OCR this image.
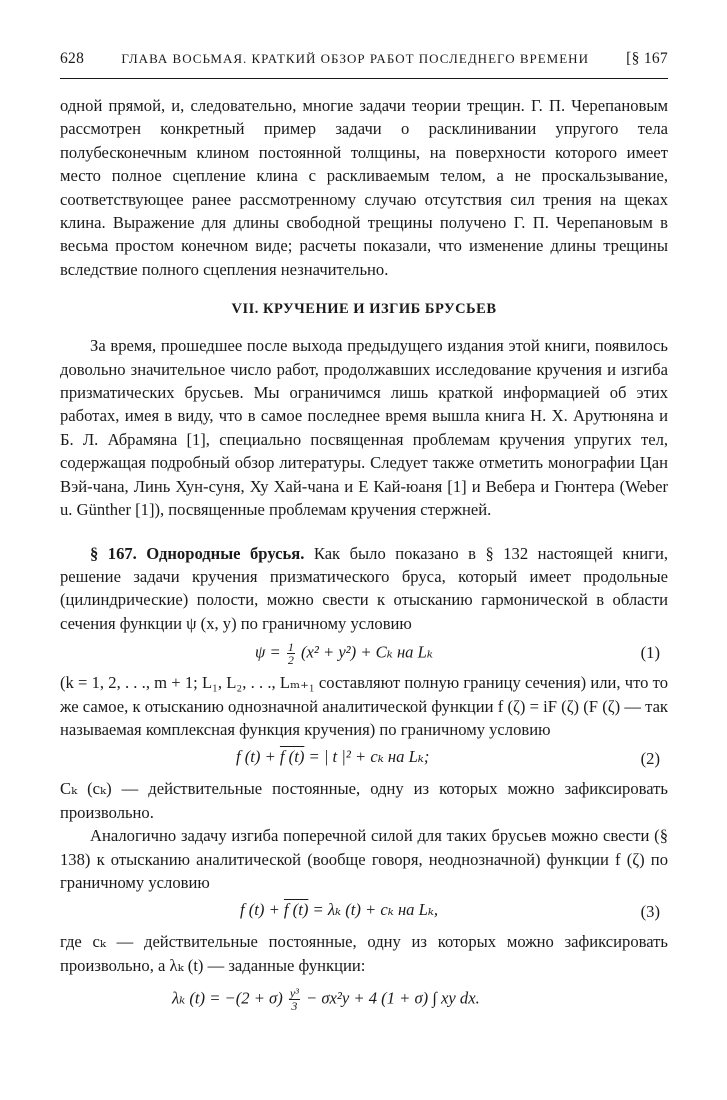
628	ГЛАВА ВОСЬМАЯ. КРАТКИЙ ОБЗОР РАБОТ ПОСЛЕДНЕГО ВРЕМЕНИ [§ 167

одной прямой, и, следовательно, многие задачи теории трещин. Г. П. Черепановым рассмотрен конкретный пример задачи о расклинивании упругого тела полубесконечным клином постоянной толщины, на поверхности которого имеет место полное сцепление клина с раскливаемым телом, а не проскальзывание, соответствующее ранее рассмотренному случаю отсутствия сил трения на щеках клина. Выражение для длины свободной трещины получено Г. П. Черепановым в весьма простом конечном виде; расчеты показали, что изменение длины трещины вследствие полного сцепления незначительно.

VII. КРУЧЕНИЕ И ИЗГИБ БРУСЬЕВ

За время, прошедшее после выхода предыдущего издания этой книги, появилось довольно значительное число работ, продолжавших исследование кручения и изгиба призматических брусьев. Мы ограничимся лишь краткой информацией об этих работах, имея в виду, что в самое последнее время вышла книга Н. Х. Арутюняна и Б. Л. Абрамяна [1], специально посвященная проблемам кручения упругих тел, содержащая подробный обзор литературы. Следует также отметить монографии Цан Вэй-чана, Линь Хун-суня, Ху Хай-чана и Е Кай-юаня [1] и Вебера и Гюнтера (Weber u. Günther [1]), посвященные проблемам кручения стержней.

§ 167. Однородные брусья. Как было показано в § 132 настоящей книги, решение задачи кручения призматического бруса, который имеет продольные (цилиндрические) полости, можно свести к отысканию гармонической в области сечения функции ψ (x, y) по граничному условию

$\psi = \frac{1}{2} (x^2 + y^2) + C_k$ на Lₖ	(1)

(k = 1, 2, . . ., m + 1; L₁, L₂, . . ., Lₘ₊₁ составляют полную границу сечения) или, что то же самое, к отысканию однозначной аналитической функции f (ζ) = iF (ζ) (F (ζ) — так называемая комплексная функция кручения) по граничному условию

f (t) + f (t) = | t |² + cₖ на Lₖ;	(2)

Cₖ (cₖ) — действительные постоянные, одну из которых можно зафиксировать произвольно.

Аналогично задачу изгиба поперечной силой для таких брусьев можно свести (§ 138) к отысканию аналитической (вообще говоря, неоднозначной) функции f (ζ) по граничному условию

f (t) + f (t) = λₖ (t) + cₖ на Lₖ,	(3)

где cₖ — действительные постоянные, одну из которых можно зафиксировать произвольно, а λₖ (t) — заданные функции:

λₖ $(t) = -(2 + \sigma) \frac{\text{y³}}{3} - \sigma x^2y + 4$ (1 + σ) ∫ xy dx.
